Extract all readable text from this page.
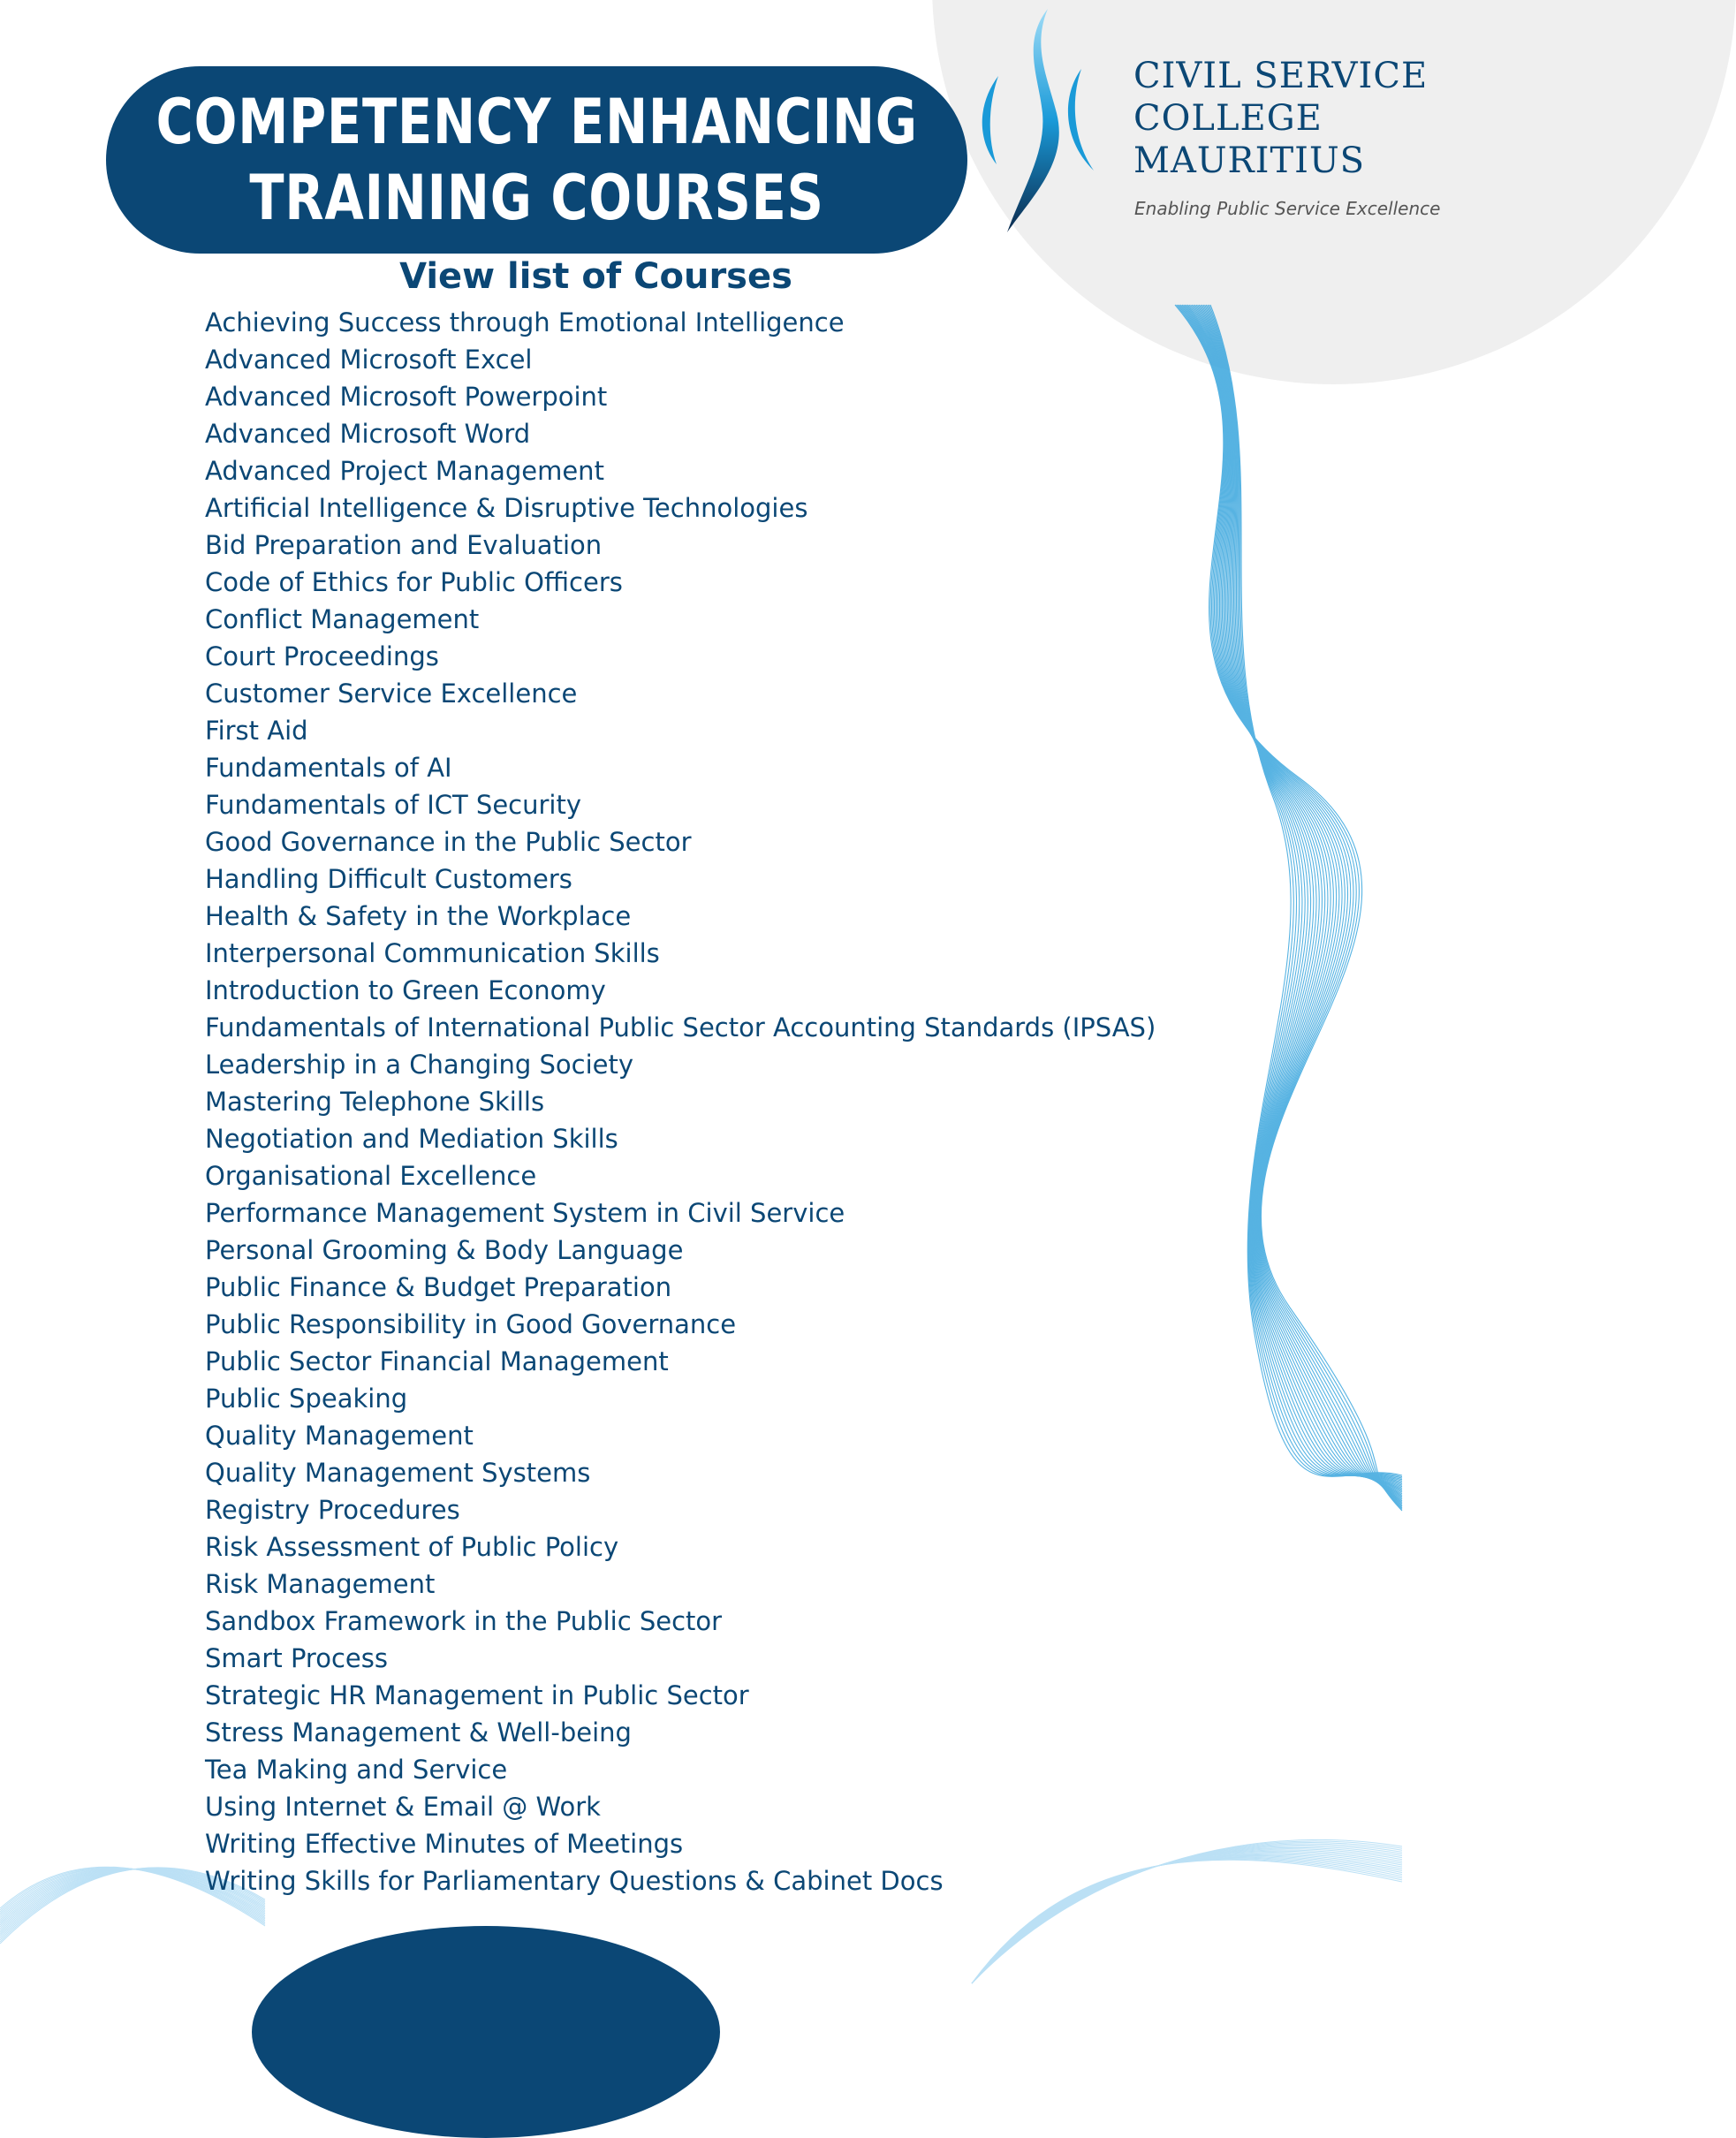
COMPETENCY ENHANCING
TRAINING COURSES
CIVIL SERVICE
COLLEGE
MAURITIUS
Enabling Public Service Excellence
View list of Courses
Achieving Success through Emotional Intelligence
Advanced Microsoft Excel
Advanced Microsoft Powerpoint
Advanced Microsoft Word
Advanced Project Management
Artificial Intelligence & Disruptive Technologies
Bid Preparation and Evaluation
Code of Ethics for Public Officers
Conflict Management
Court Proceedings
Customer Service Excellence
First Aid
Fundamentals of AI
Fundamentals of ICT Security
Good Governance in the Public Sector
Handling Difficult Customers
Health & Safety in the Workplace
Interpersonal Communication Skills
Introduction to Green Economy
Fundamentals of International Public Sector Accounting Standards (IPSAS)
Leadership in a Changing Society
Mastering Telephone Skills
Negotiation and Mediation Skills
Organisational Excellence
Performance Management System in Civil Service
Personal Grooming & Body Language
Public Finance & Budget Preparation
Public Responsibility in Good Governance
Public Sector Financial Management
Public Speaking
Quality Management
Quality Management Systems
Registry Procedures
Risk Assessment of Public Policy
Risk Management
Sandbox Framework in the Public Sector
Smart Process
Strategic HR Management in Public Sector
Stress Management & Well-being
Tea Making and Service
Using Internet & Email @ Work
Writing Effective Minutes of Meetings
Writing Skills for Parliamentary Questions & Cabinet Docs
